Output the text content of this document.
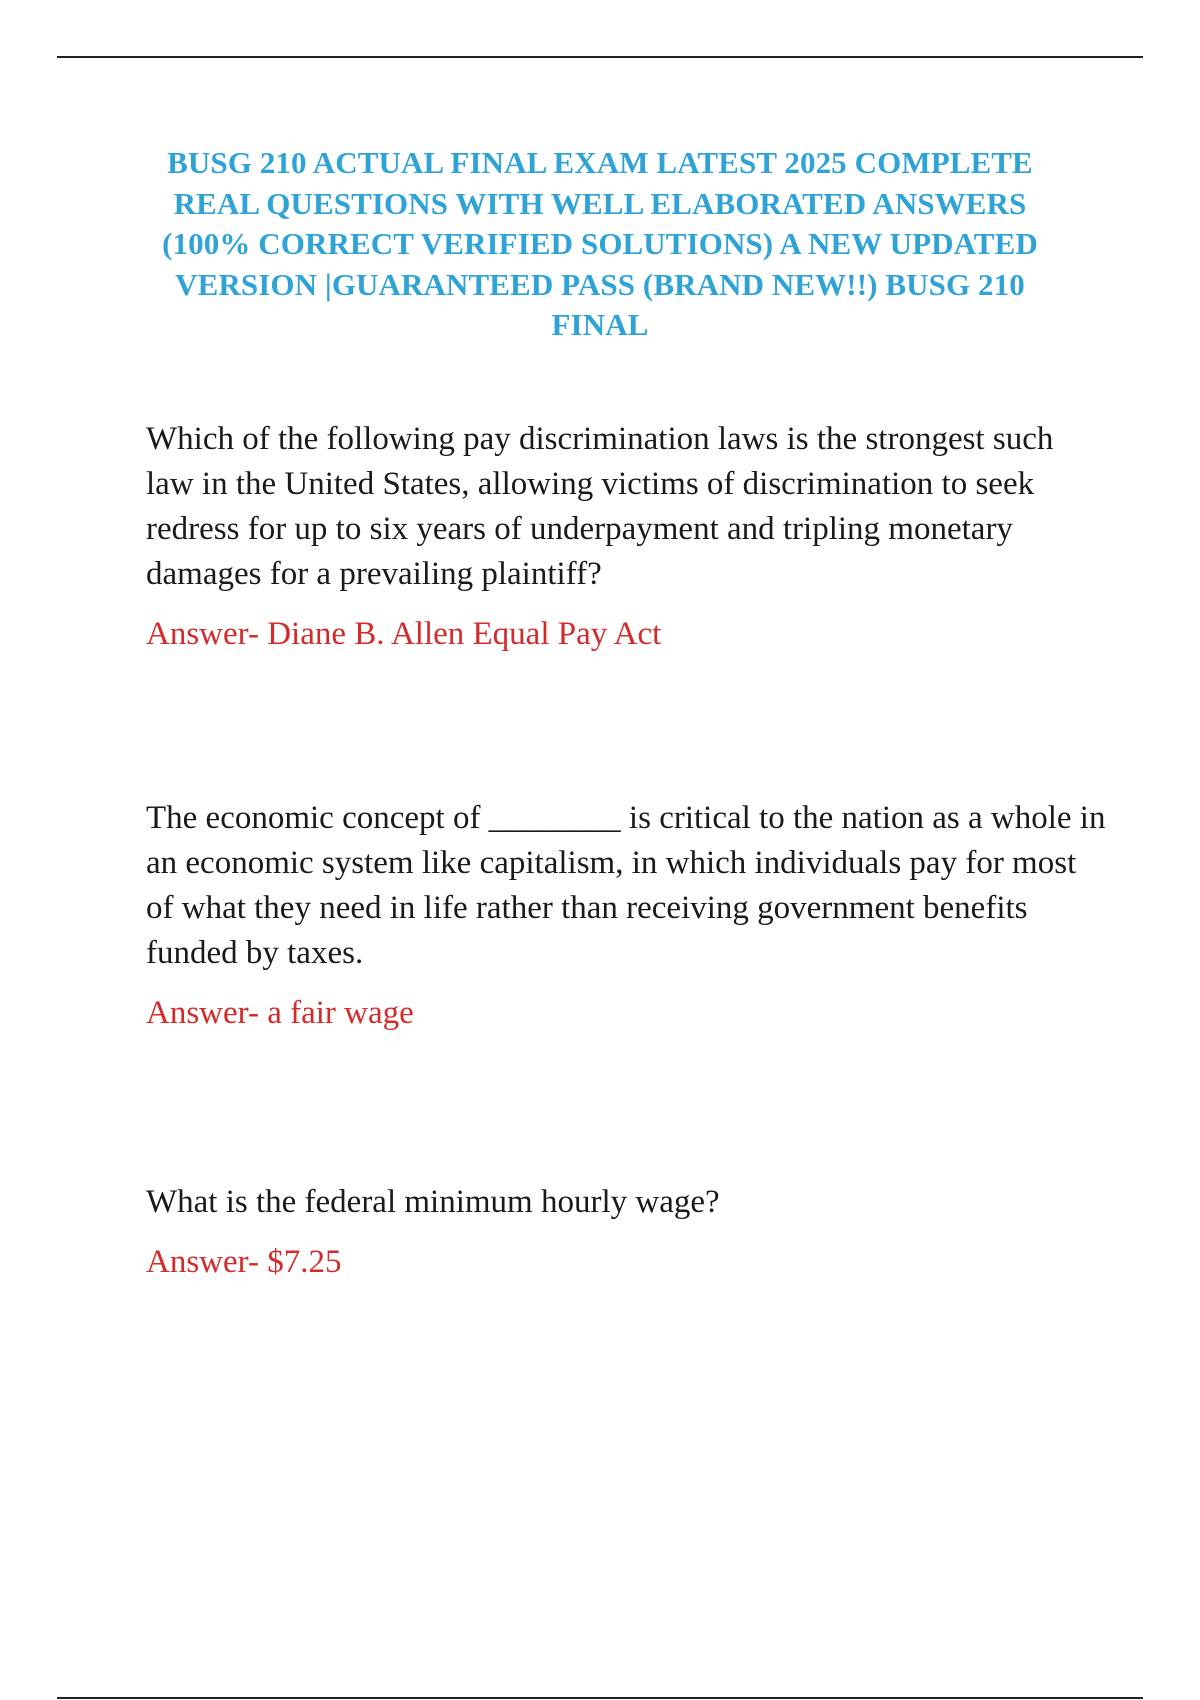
BUSG 210 ACTUAL FINAL EXAM LATEST 2025 COMPLETE REAL QUESTIONS WITH WELL ELABORATED ANSWERS (100% CORRECT VERIFIED SOLUTIONS) A NEW UPDATED VERSION |GUARANTEED PASS (BRAND NEW!!) BUSG 210 FINAL
Which of the following pay discrimination laws is the strongest such law in the United States, allowing victims of discrimination to seek redress for up to six years of underpayment and tripling monetary damages for a prevailing plaintiff?
Answer- Diane B. Allen Equal Pay Act
The economic concept of ________ is critical to the nation as a whole in an economic system like capitalism, in which individuals pay for most of what they need in life rather than receiving government benefits funded by taxes.
Answer- a fair wage
What is the federal minimum hourly wage?
Answer- $7.25
